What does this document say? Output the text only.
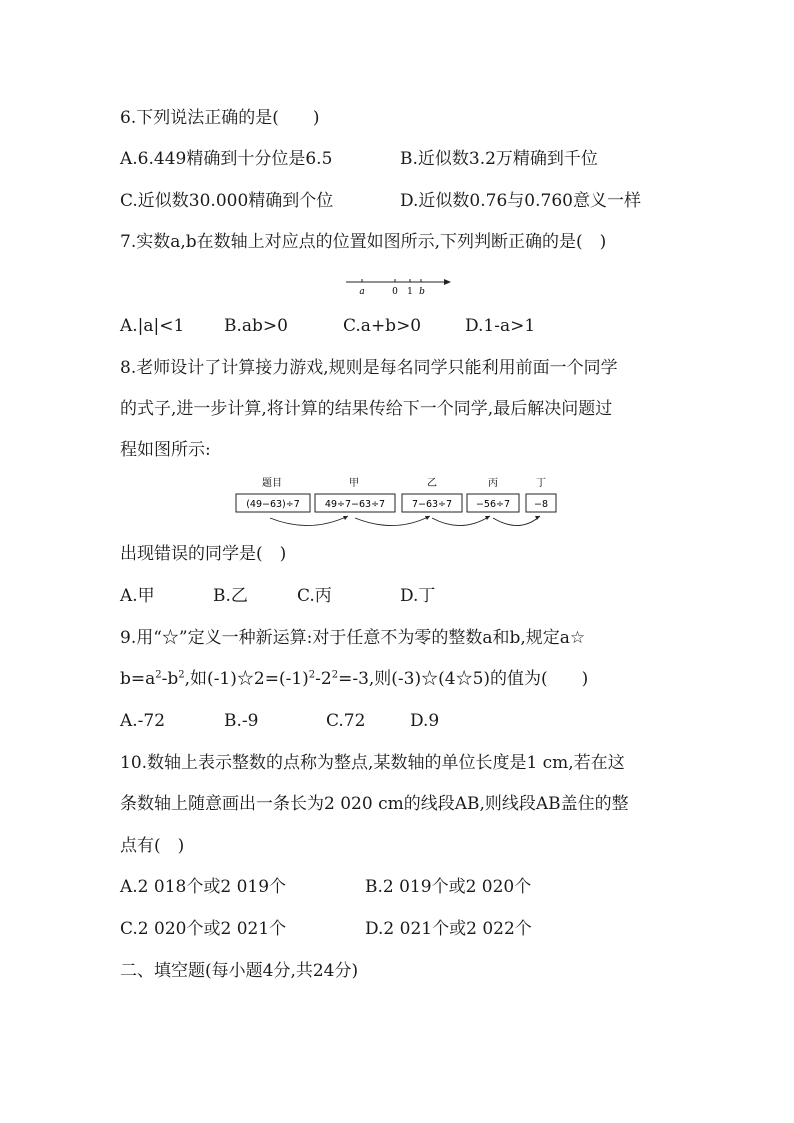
6.下列说法正确的是(　　)
A.6.449精确到十分位是6.5	B.近似数3.2万精确到千位
C.近似数30.000精确到个位	D.近似数0.76与0.760意义一样
7.实数a,b在数轴上对应点的位置如图所示,下列判断正确的是(　)
a	0 1 b
A.|a|<1 B.ab>0	C.a+b>0	D.1-a>1
8.老师设计了计算接力游戏,规则是每名同学只能利用前面一个同学
的式子,进一步计算,将计算的结果传给下一个同学,最后解决问题过
程如图所示:
题目	甲	乙	丙	丁
(49−63)÷7	49÷7−63÷7	7−63÷7	−56÷7	−8
出现错误的同学是(　)
A.甲	B.乙	C.丙	D.丁
9.用“☆”定义一种新运算:对于任意不为零的整数a和b,规定a☆
$b=a^2-b^2$,如$(-1)☆2=(-1)^2-2^2=-3$,则(-3)☆(4☆5)的值为(　　)
A.-72	B.-9	C.72	D.9
10.数轴上表示整数的点称为整点,某数轴的单位长度是1 cm,若在这
条数轴上随意画出一条长为2 020 cm的线段AB,则线段AB盖住的整
点有(　)
A.2 018个或2 019个	B.2 019个或2 020个
C.2 020个或2 021个	D.2 021个或2 022个
二、填空题(每小题4分,共24分)
